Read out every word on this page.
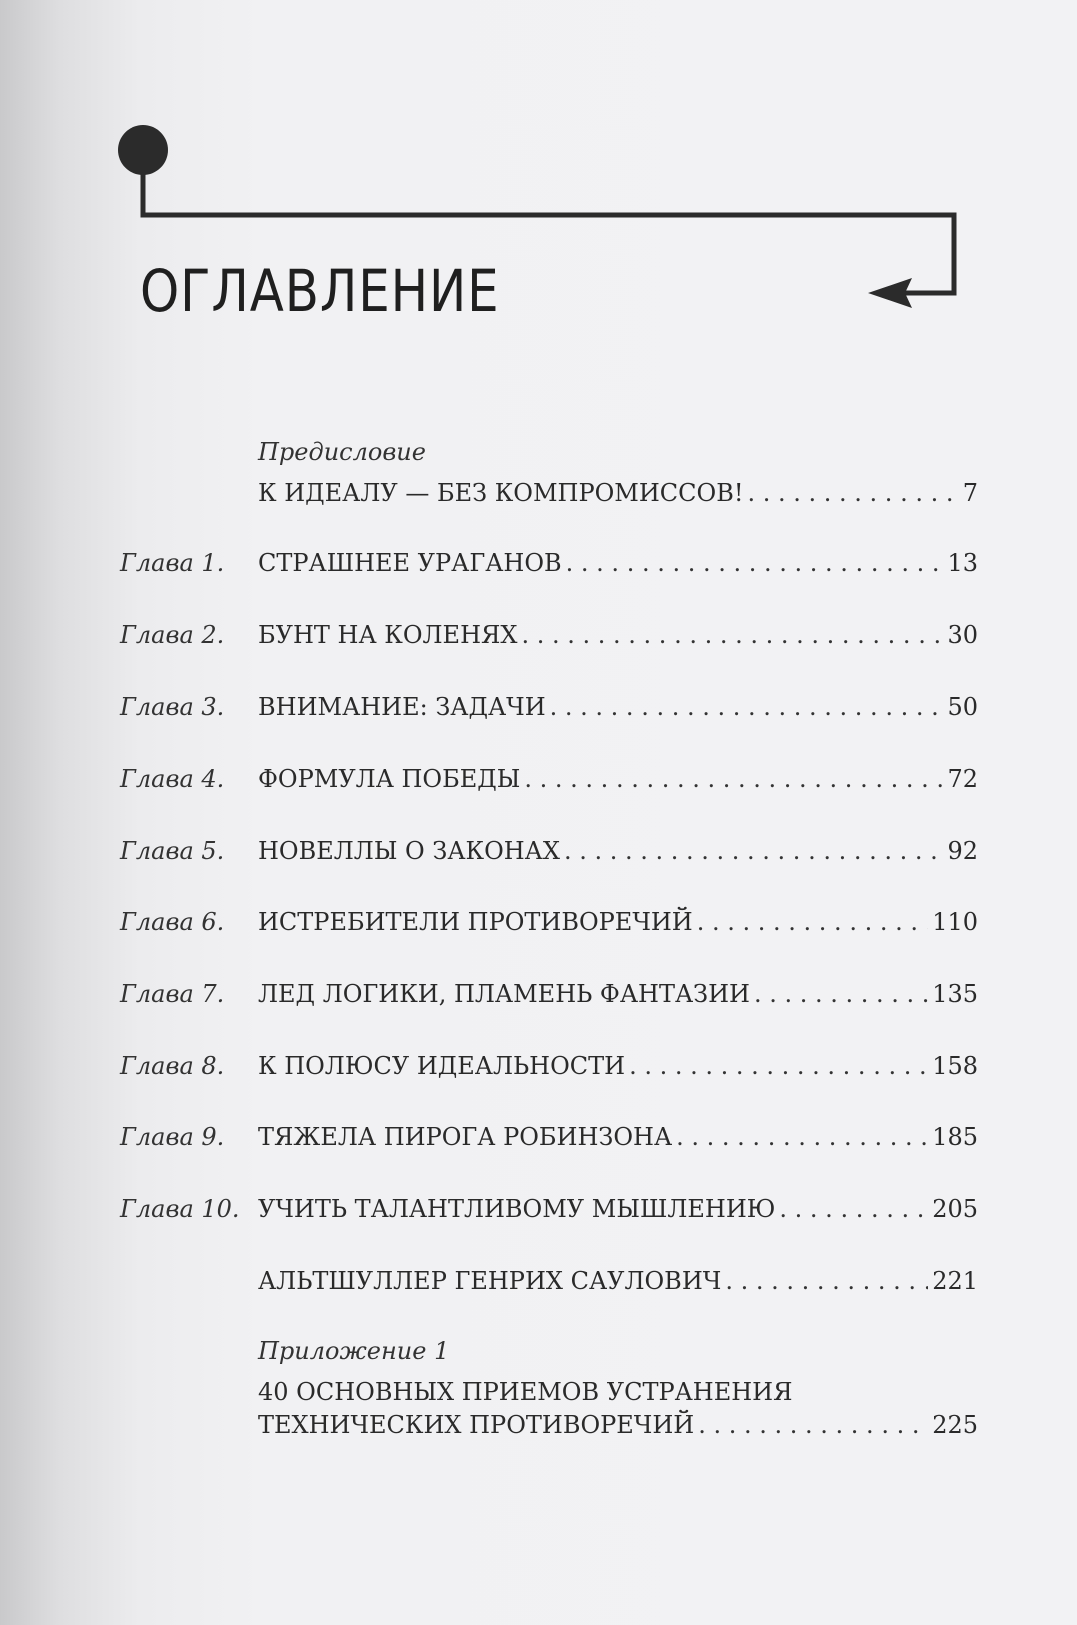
ОГЛАВЛЕНИЕ
Предисловие
К ИДЕАЛУ — БЕЗ КОМПРОМИССОВ! . . .	7
Глава 1. СТРАШНЕЕ УРАГАНОВ . . .	13
Глава 2. БУНТ НА КОЛЕНЯХ . . .	30
Глава 3. ВНИМАНИЕ: ЗАДАЧИ . . .	50
Глава 4. ФОРМУЛА ПОБЕДЫ . . .	72
Глава 5. НОВЕЛЛЫ О ЗАКОНАХ . . .	92
Глава 6. ИСТРЕБИТЕЛИ ПРОТИВОРЕЧИЙ . . .	110
Глава 7. ЛЕД ЛОГИКИ, ПЛАМЕНЬ ФАНТАЗИИ . . .	135
Глава 8. К ПОЛЮСУ ИДЕАЛЬНОСТИ . . .	158
Глава 9. ТЯЖЕЛА ПИРОГА РОБИНЗОНА . . .	185
Глава 10. УЧИТЬ ТАЛАНТЛИВОМУ МЫШЛЕНИЮ . . .	205
АЛЬТШУЛЛЕР ГЕНРИХ САУЛОВИЧ . . .	221
Приложение 1
40 ОСНОВНЫХ ПРИЕМОВ УСТРАНЕНИЯ
ТЕХНИЧЕСКИХ ПРОТИВОРЕЧИЙ . . .	225
